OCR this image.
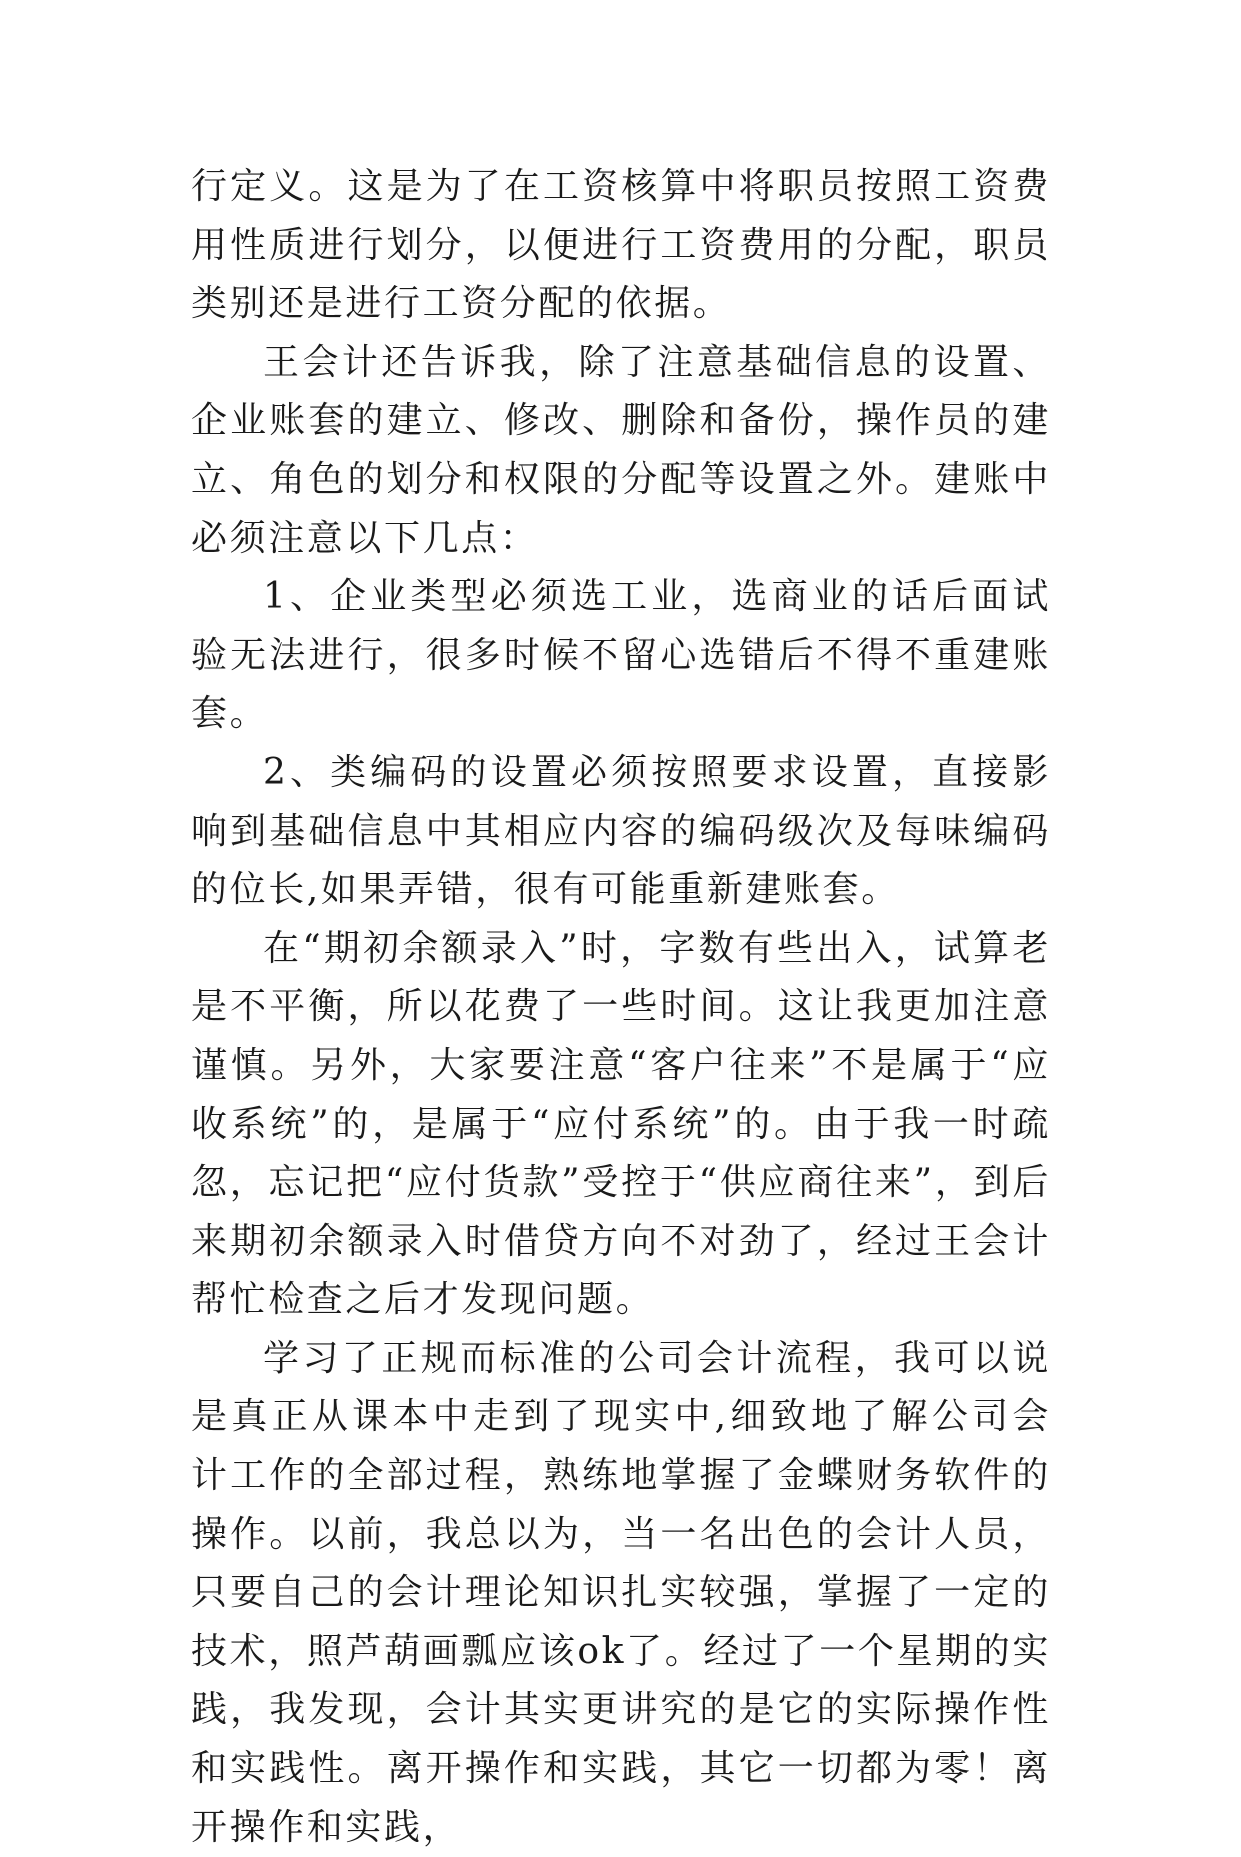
行定义。这是为了在工资核算中将职员按照工资费用性质进行划分，以便进行工资费用的分配，职员类别还是进行工资分配的依据。

王会计还告诉我，除了注意基础信息的设置、企业账套的建立、修改、删除和备份，操作员的建立、角色的划分和权限的分配等设置之外。建账中必须注意以下几点：

1、企业类型必须选工业，选商业的话后面试验无法进行，很多时候不留心选错后不得不重建账套。

2、类编码的设置必须按照要求设置，直接影响到基础信息中其相应内容的编码级次及每味编码的位长,如果弄错，很有可能重新建账套。

在“期初余额录入”时，字数有些出入，试算老是不平衡，所以花费了一些时间。这让我更加注意谨慎。另外，大家要注意“客户往来”不是属于“应收系统”的，是属于“应付系统”的。由于我一时疏忽，忘记把“应付货款”受控于“供应商往来”，到后来期初余额录入时借贷方向不对劲了，经过王会计帮忙检查之后才发现问题。

学习了正规而标准的公司会计流程，我可以说是真正从课本中走到了现实中,细致地了解公司会计工作的全部过程，熟练地掌握了金蝶财务软件的操作。以前，我总以为，当一名出色的会计人员，只要自己的会计理论知识扎实较强，掌握了一定的技术，照芦葫画瓢应该ok了。经过了一个星期的实践，我发现，会计其实更讲究的是它的实际操作性和实践性。离开操作和实践，其它一切都为零！离开操作和实践，
